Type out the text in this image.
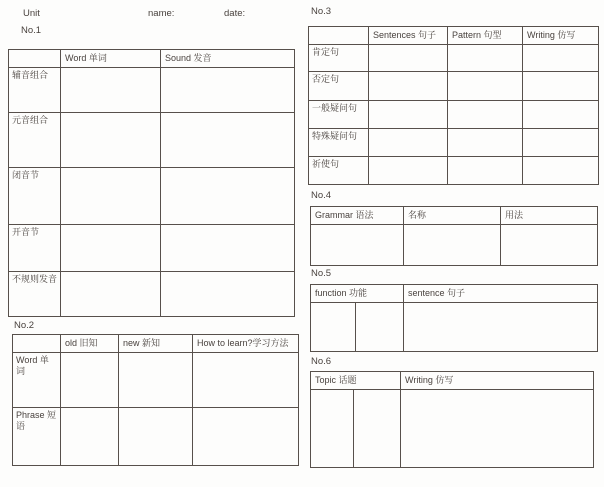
Unit	name:	date:
No.1
	Word 单词	Sound 发音
辅音组合		
元音组合		
闭音节		
开音节		
不规则发音		
No.2
	old 旧知	new 新知	How to learn?学习方法
Word 单词			
Phrase 短语			
No.3
	Sentences 句子	Pattern 句型	Writing 仿写
肯定句			
否定句			
一般疑问句			
特殊疑问句			
祈使句			
No.4
Grammar 语法	名称	用法

No.5
function 功能		sentence 句子

No.6
Topic 话题		Writing 仿写
